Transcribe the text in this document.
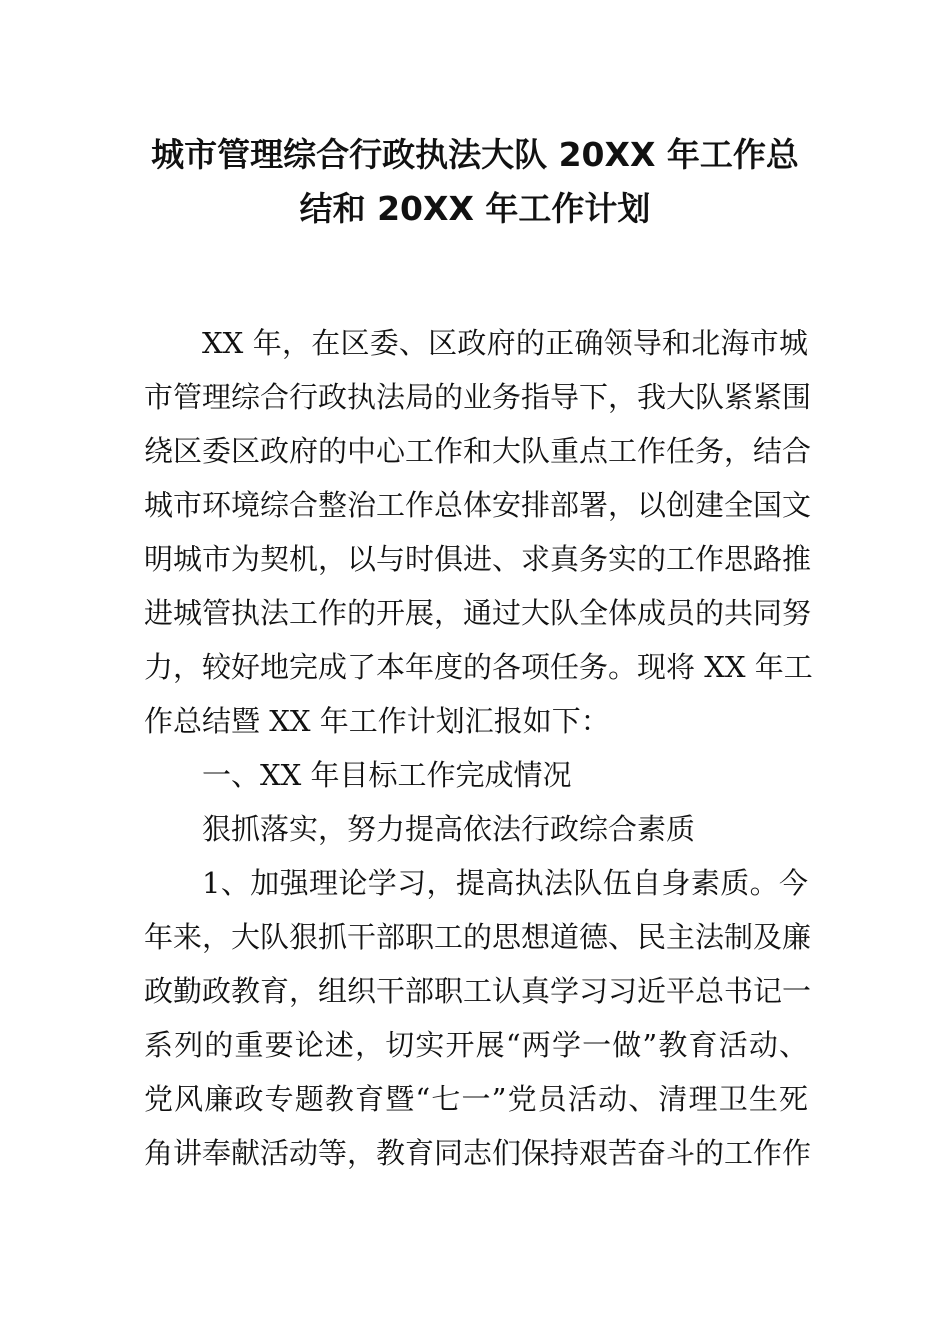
城市管理综合行政执法大队 20XX 年工作总
结和 20XX 年工作计划
XX 年，在区委、区政府的正确领导和北海市城
市管理综合行政执法局的业务指导下，我大队紧紧围
绕区委区政府的中心工作和大队重点工作任务，结合
城市环境综合整治工作总体安排部署，以创建全国文
明城市为契机，以与时俱进、求真务实的工作思路推
进城管执法工作的开展，通过大队全体成员的共同努
力，较好地完成了本年度的各项任务。现将 XX 年工
作总结暨 XX 年工作计划汇报如下：
一、XX 年目标工作完成情况
狠抓落实，努力提高依法行政综合素质
1、加强理论学习，提高执法队伍自身素质。今
年来，大队狠抓干部职工的思想道德、民主法制及廉
政勤政教育，组织干部职工认真学习习近平总书记一
系列的重要论述，切实开展“两学一做”教育活动、
党风廉政专题教育暨“七一”党员活动、清理卫生死
角讲奉献活动等，教育同志们保持艰苦奋斗的工作作
